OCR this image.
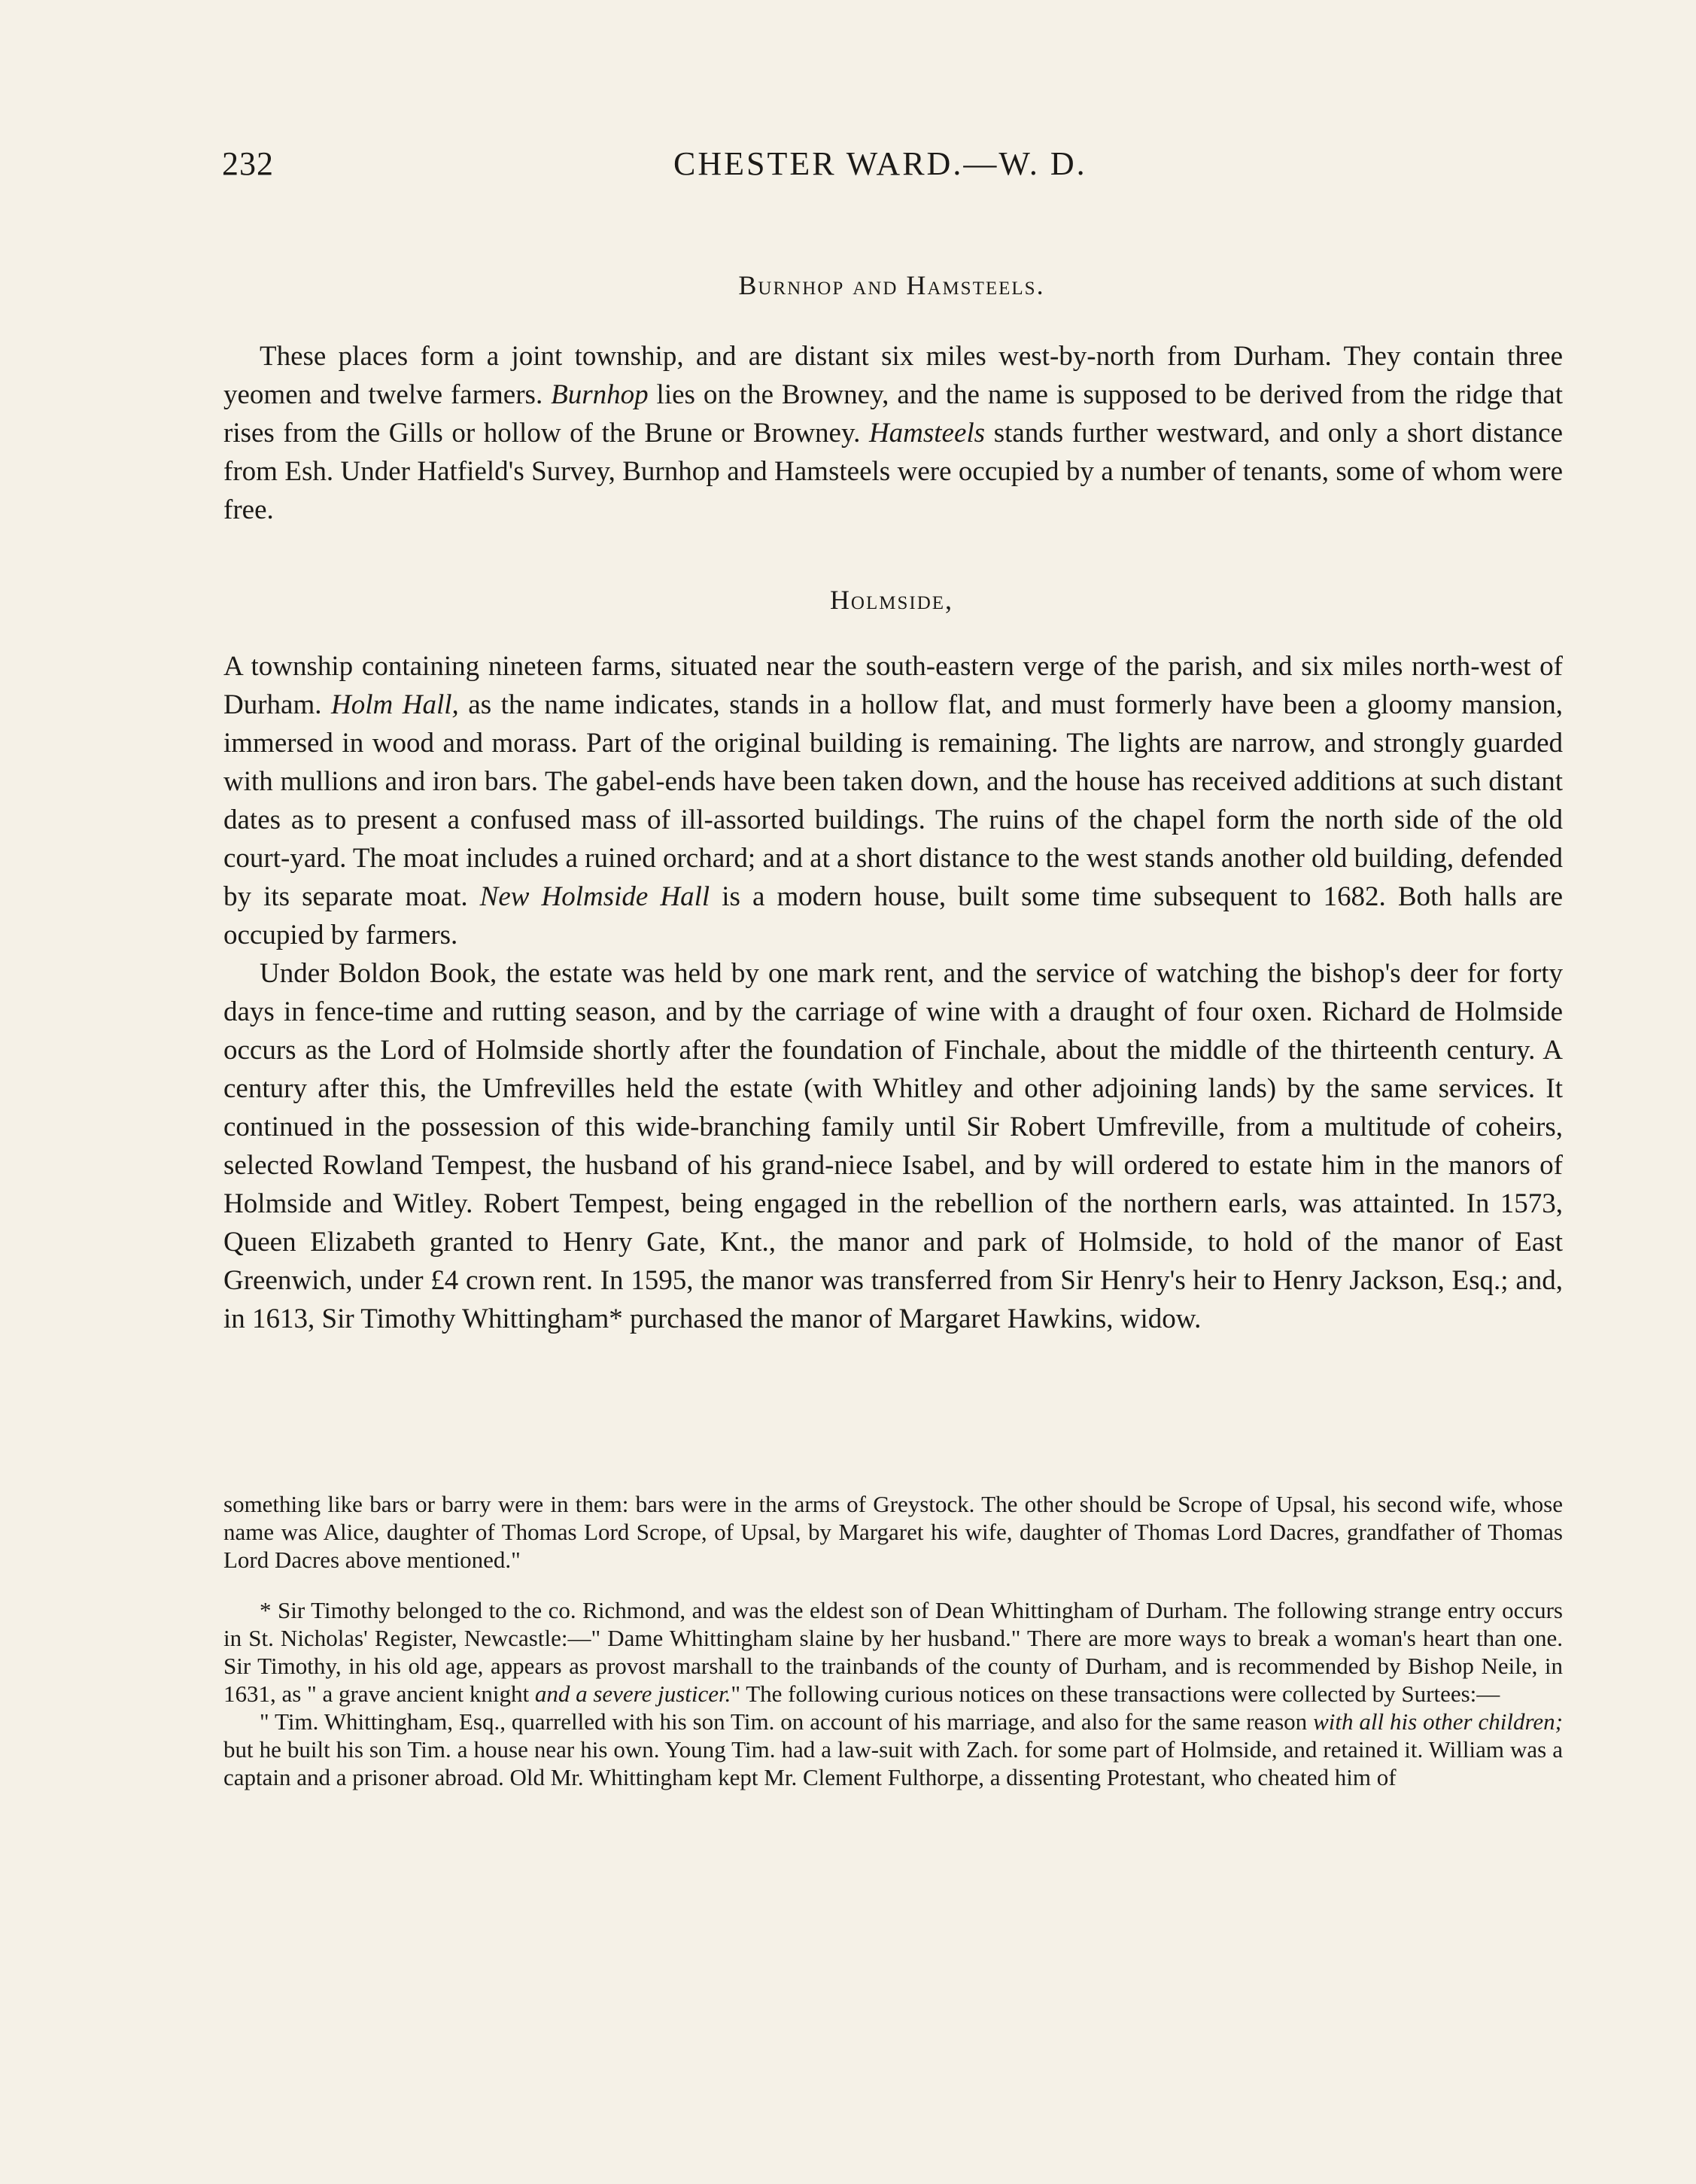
232	CHESTER WARD.—W. D.
Burnhop and Hamsteels.

These places form a joint township, and are distant six miles west-by-north from Durham. They contain three yeomen and twelve farmers. Burnhop lies on the Browney, and the name is supposed to be derived from the ridge that rises from the Gills or hollow of the Brune or Browney. Hamsteels stands further westward, and only a short distance from Esh. Under Hatfield's Survey, Burnhop and Hamsteels were occupied by a number of tenants, some of whom were free.

Holmside,

A township containing nineteen farms, situated near the south-eastern verge of the parish, and six miles north-west of Durham. Holm Hall, as the name indicates, stands in a hollow flat, and must formerly have been a gloomy mansion, immersed in wood and morass. Part of the original building is remaining. The lights are narrow, and strongly guarded with mullions and iron bars. The gabel-ends have been taken down, and the house has received additions at such distant dates as to present a confused mass of ill-assorted buildings. The ruins of the chapel form the north side of the old court-yard. The moat includes a ruined orchard; and at a short distance to the west stands another old building, defended by its separate moat. New Holmside Hall is a modern house, built some time subsequent to 1682. Both halls are occupied by farmers.

Under Boldon Book, the estate was held by one mark rent, and the service of watching the bishop's deer for forty days in fence-time and rutting season, and by the carriage of wine with a draught of four oxen. Richard de Holmside occurs as the Lord of Holmside shortly after the foundation of Finchale, about the middle of the thirteenth century. A century after this, the Umfrevilles held the estate (with Whitley and other adjoining lands) by the same services. It continued in the possession of this wide-branching family until Sir Robert Umfreville, from a multitude of coheirs, selected Rowland Tempest, the husband of his grand-niece Isabel, and by will ordered to estate him in the manors of Holmside and Witley. Robert Tempest, being engaged in the rebellion of the northern earls, was attainted. In 1573, Queen Elizabeth granted to Henry Gate, Knt., the manor and park of Holmside, to hold of the manor of East Greenwich, under £4 crown rent. In 1595, the manor was transferred from Sir Henry's heir to Henry Jackson, Esq.; and, in 1613, Sir Timothy Whittingham* purchased the manor of Margaret Hawkins, widow.

something like bars or barry were in them: bars were in the arms of Greystock. The other should be Scrope of Upsal, his second wife, whose name was Alice, daughter of Thomas Lord Scrope, of Upsal, by Margaret his wife, daughter of Thomas Lord Dacres, grandfather of Thomas Lord Dacres above mentioned."

* Sir Timothy belonged to the co. Richmond, and was the eldest son of Dean Whittingham of Durham. The following strange entry occurs in St. Nicholas' Register, Newcastle:—" Dame Whittingham slaine by her husband." There are more ways to break a woman's heart than one. Sir Timothy, in his old age, appears as provost marshall to the trainbands of the county of Durham, and is recommended by Bishop Neile, in 1631, as " a grave ancient knight and a severe justicer." The following curious notices on these transactions were collected by Surtees:—

" Tim. Whittingham, Esq., quarrelled with his son Tim. on account of his marriage, and also for the same reason with all his other children; but he built his son Tim. a house near his own. Young Tim. had a law-suit with Zach. for some part of Holmside, and retained it. William was a captain and a prisoner abroad. Old Mr. Whittingham kept Mr. Clement Fulthorpe, a dissenting Protestant, who cheated him of
